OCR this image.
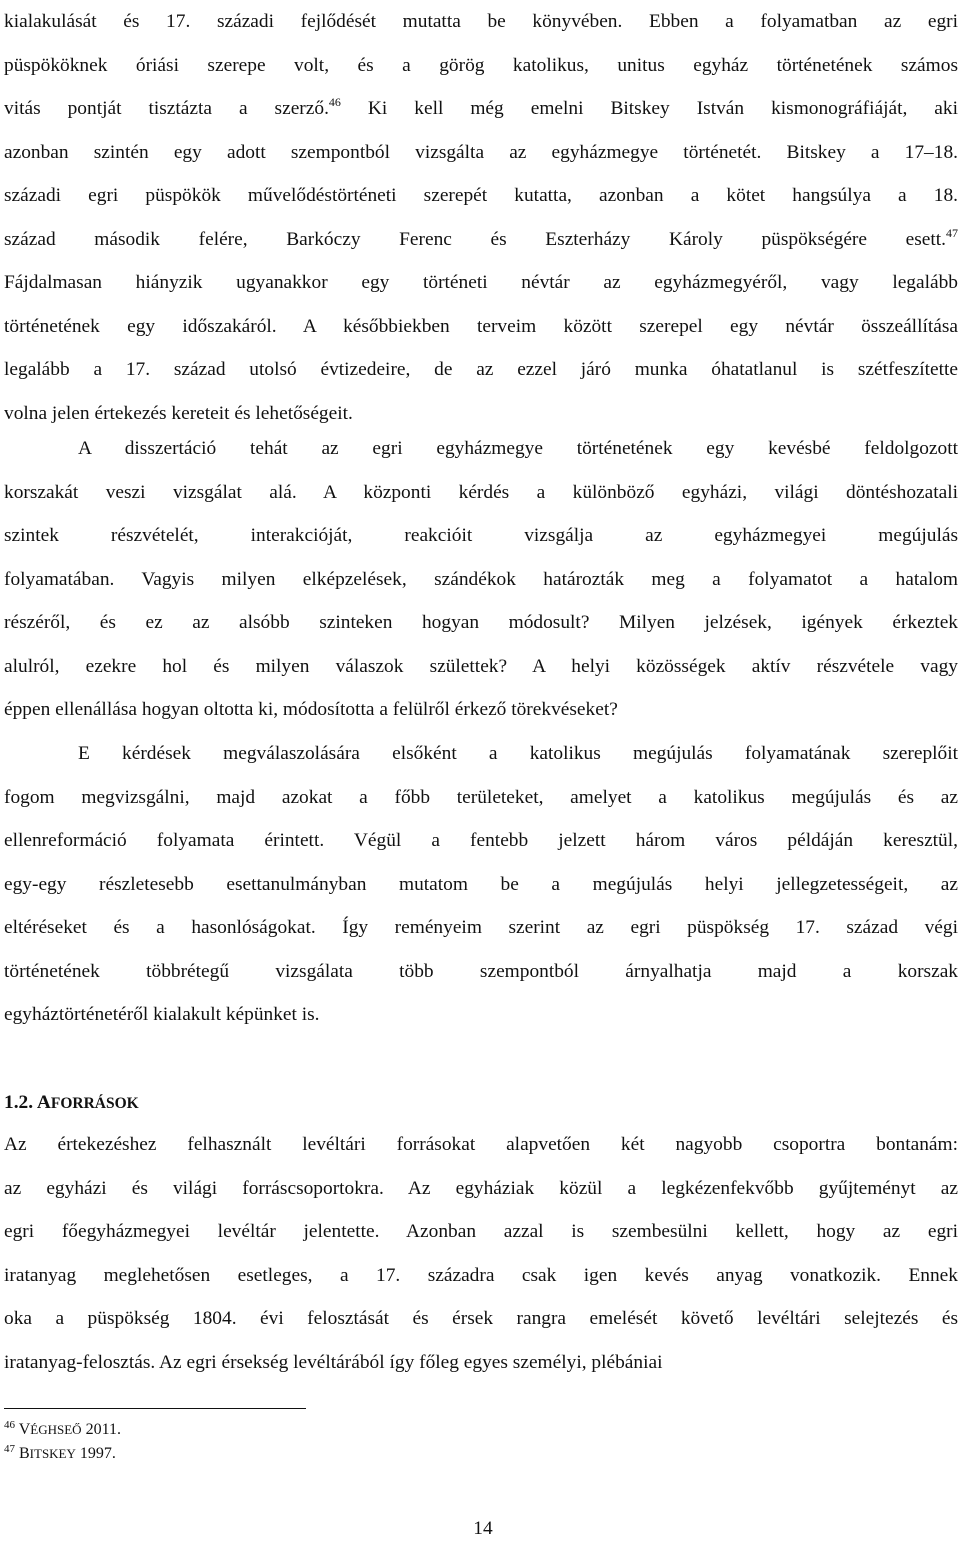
kialakulását és 17. századi fejlődését mutatta be könyvében. Ebben a folyamatban az egri
püspököknek óriási szerepe volt, és a görög katolikus, unitus egyház történetének számos
vitás pontját tisztázta a szerző.$^{46}$ Ki kell még emelni Bitskey István kismonográfiáját, aki
azonban szintén egy adott szempontból vizsgálta az egyházmegye történetét. Bitskey a 17–18.
századi egri püspökök művelődéstörténeti szerepét kutatta, azonban a kötet hangsúlya a 18.
század második felére, Barkóczy Ferenc és Eszterházy Károly püspökségére esett.$^{47}$
Fájdalmasan hiányzik ugyanakkor egy történeti névtár az egyházmegyéről, vagy legalább
történetének egy időszakáról. A későbbiekben terveim között szerepel egy névtár összeállítása
legalább a 17. század utolsó évtizedeire, de az ezzel járó munka óhatatlanul is szétfeszítette
volna jelen értekezés kereteit és lehetőségeit.

A disszertáció tehát az egri egyházmegye történetének egy kevésbé feldolgozott
korszakát veszi vizsgálat alá. A központi kérdés a különböző egyházi, világi döntéshozatali
szintek részvételét, interakcióját, reakcióit vizsgálja az egyházmegyei megújulás
folyamatában. Vagyis milyen elképzelések, szándékok határozták meg a folyamatot a hatalom
részéről, és ez az alsóbb szinteken hogyan módosult? Milyen jelzések, igények érkeztek
alulról, ezekre hol és milyen válaszok születtek? A helyi közösségek aktív részvétele vagy
éppen ellenállása hogyan oltotta ki, módosította a felülről érkező törekvéseket?

E kérdések megválaszolására elsőként a katolikus megújulás folyamatának szereplőit
fogom megvizsgálni, majd azokat a főbb területeket, amelyet a katolikus megújulás és az
ellenreformáció folyamata érintett. Végül a fentebb jelzett három város példáján keresztül,
egy-egy részletesebb esettanulmányban mutatom be a megújulás helyi jellegzetességeit, az
eltéréseket és a hasonlóságokat. Így reményeim szerint az egri püspökség 17. század végi
történetének többrétegű vizsgálata több szempontból árnyalhatja majd a korszak
egyháztörténetéről kialakult képünket is.

1.2. AFORRÁSOK

Az értekezéshez felhasznált levéltári forrásokat alapvetően két nagyobb csoportra bontanám:
az egyházi és világi forráscsoportokra. Az egyháziak közül a legkézenfekvőbb gyűjteményt az
egri főegyházmegyei levéltár jelentette. Azonban azzal is szembesülni kellett, hogy az egri
iratanyag meglehetősen esetleges, a 17. századra csak igen kevés anyag vonatkozik. Ennek
oka a püspökség 1804. évi felosztását és érsek rangra emelését követő levéltári selejtezés és
iratanyag-felosztás. Az egri érsekség levéltárából így főleg egyes személyi, plébániai

$^{46}$ VÉGHSEŐ 2011.
$^{47}$ BITSKEY 1997.

14
